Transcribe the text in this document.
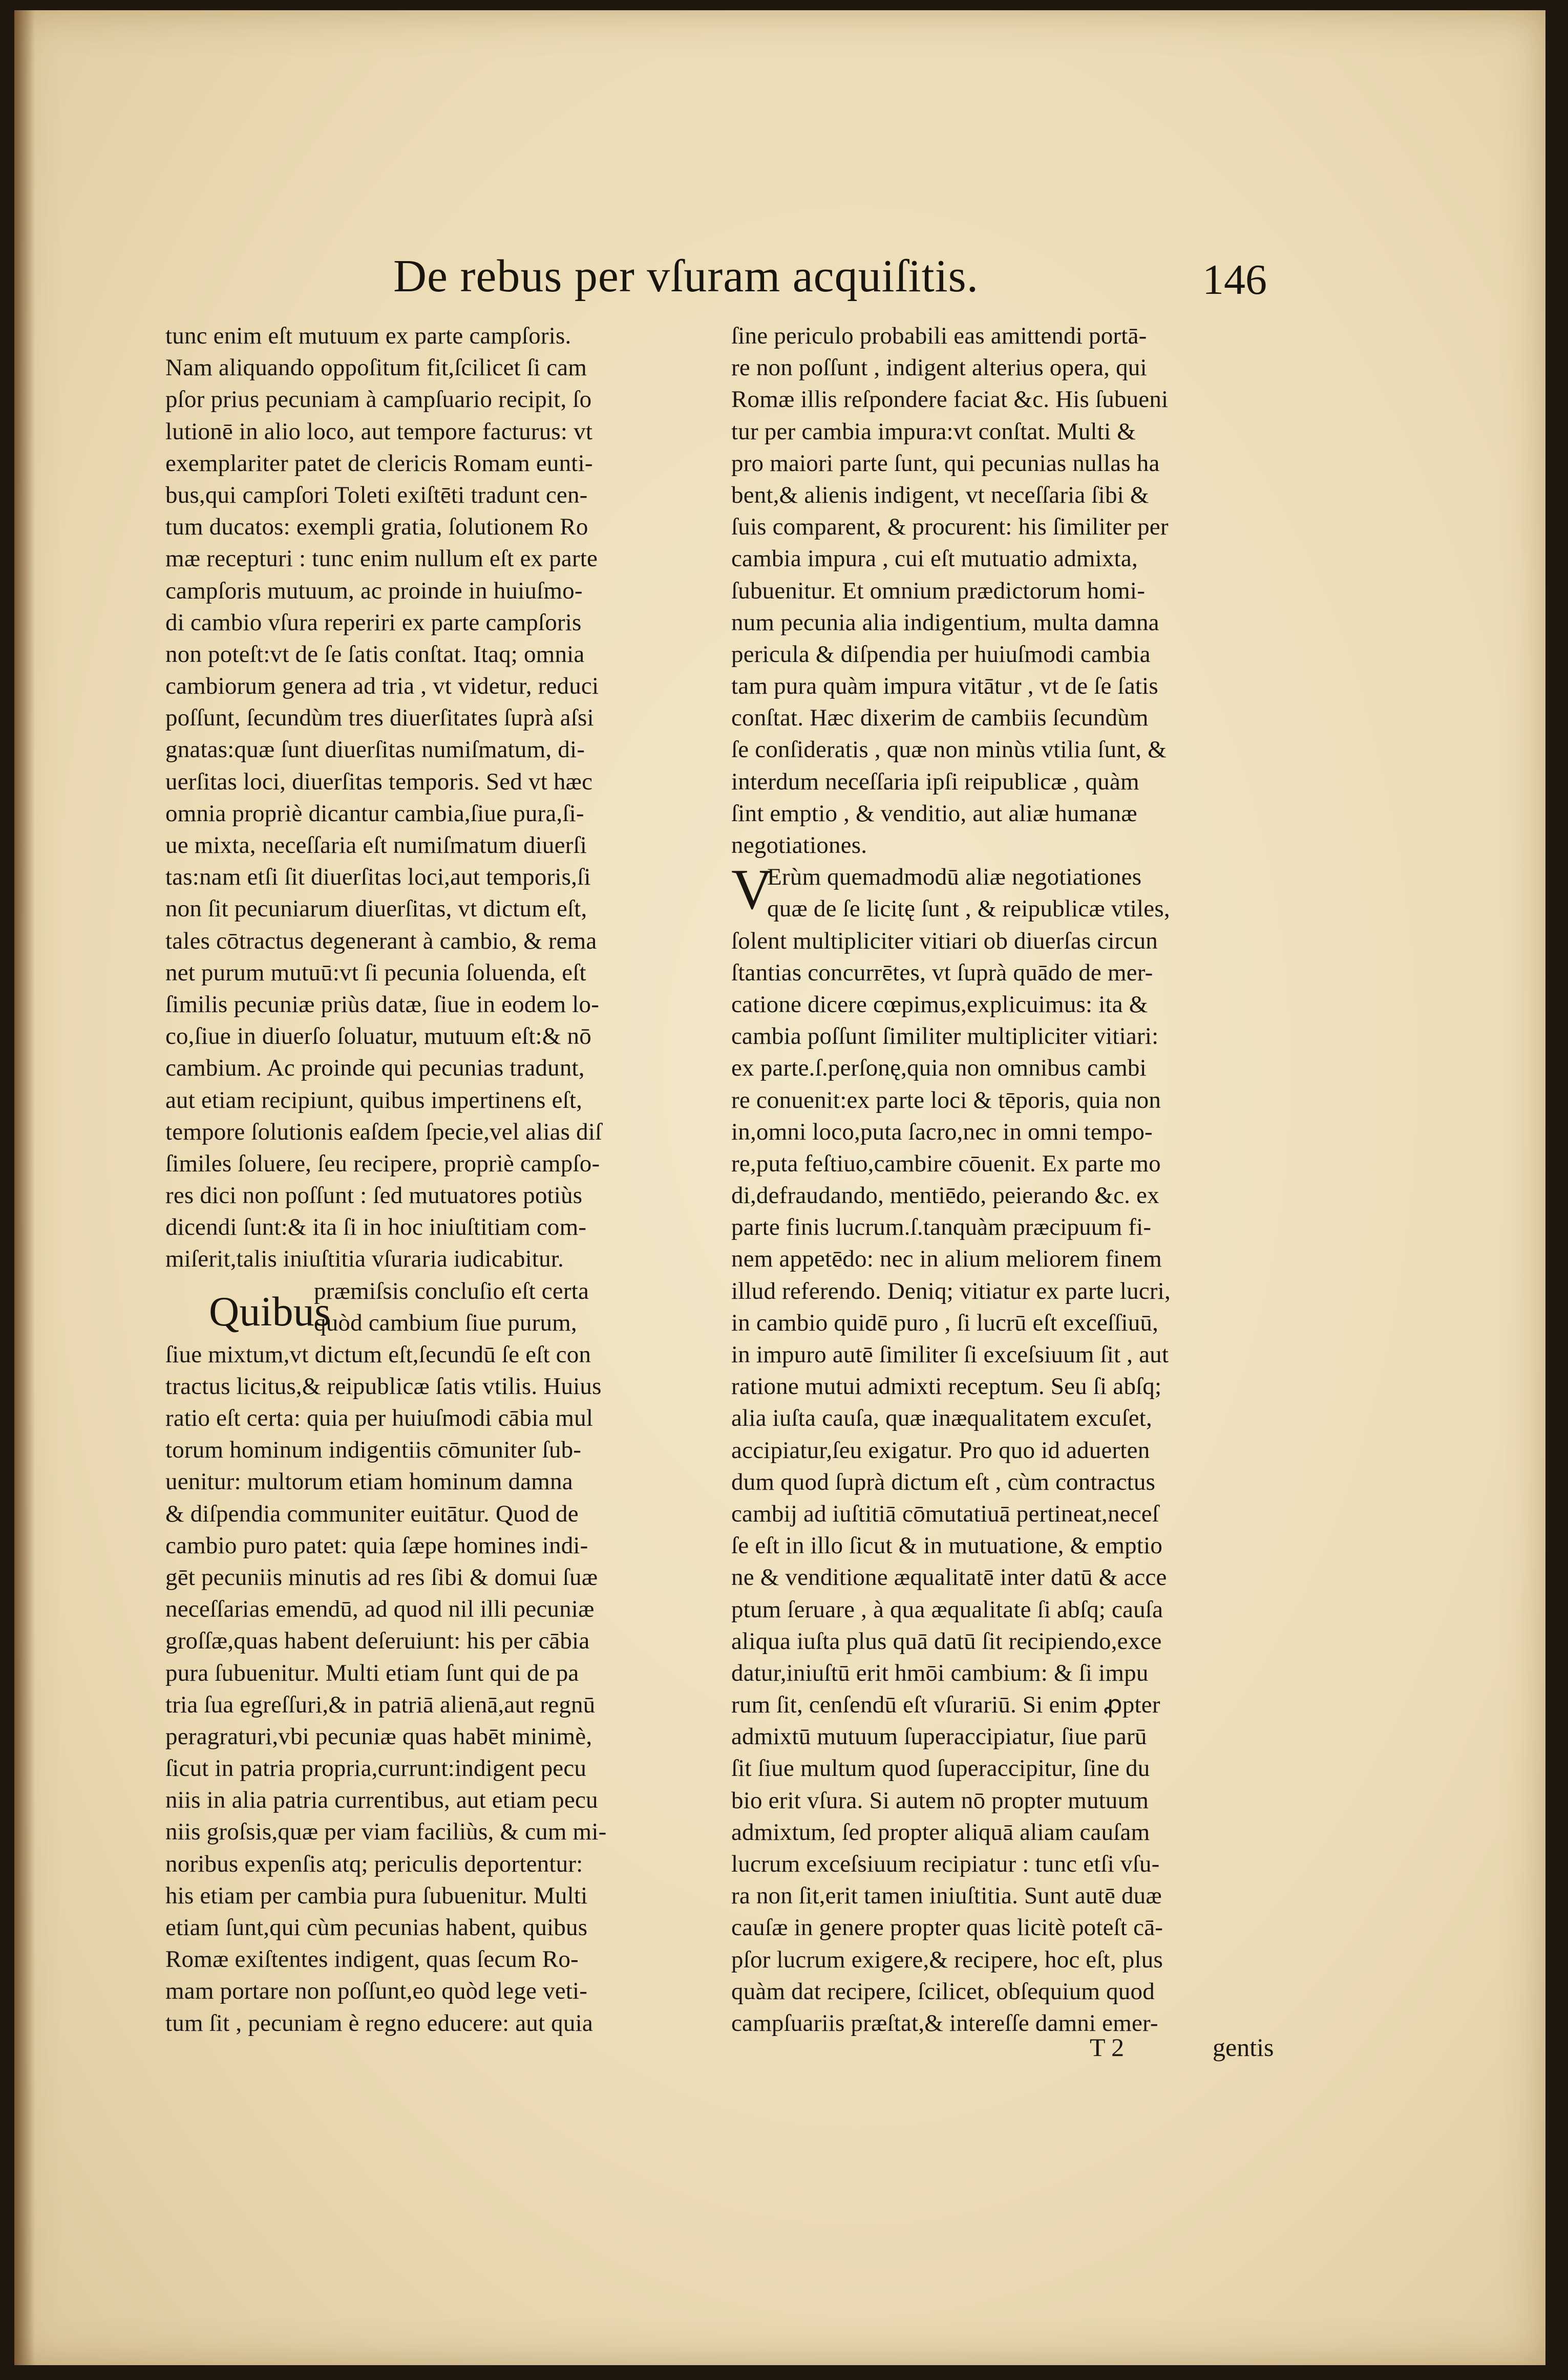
De rebus per vſuram acquiſitis.	146
tunc enim eſt mutuum ex parte campſoris.
Nam aliquando oppoſitum fit,ſcilicet ſi cam
pſor prius pecuniam à campſuario recipit, ſo
lutionē in alio loco, aut tempore facturus: vt
exemplariter patet de clericis Romam eunti-
bus,qui campſori Toleti exiſtēti tradunt cen-
tum ducatos: exempli gratia, ſolutionem Ro
mæ recepturi : tunc enim nullum eſt ex parte
campſoris mutuum, ac proinde in huiuſmo-
di cambio vſura reperiri ex parte campſoris
non poteſt:vt de ſe ſatis conſtat. Itaq; omnia
cambiorum genera ad tria , vt videtur, reduci
poſſunt, ſecundùm tres diuerſitates ſuprà aſsi
gnatas:quæ ſunt diuerſitas numiſmatum, di-
uerſitas loci, diuerſitas temporis. Sed vt hæc
omnia propriè dicantur cambia,ſiue pura,ſi-
ue mixta, neceſſaria eſt numiſmatum diuerſi
tas:nam etſi ſit diuerſitas loci,aut temporis,ſi
non ſit pecuniarum diuerſitas, vt dictum eſt,
tales cōtractus degenerant à cambio, & rema
net purum mutuū:vt ſi pecunia ſoluenda, eſt
ſimilis pecuniæ priùs datæ, ſiue in eodem lo-
co,ſiue in diuerſo ſoluatur, mutuum eſt:& nō
cambium. Ac proinde qui pecunias tradunt,
aut etiam recipiunt, quibus impertinens eſt,
tempore ſolutionis eaſdem ſpecie,vel alias diſ
ſimiles ſoluere, ſeu recipere, propriè campſo-
res dici non poſſunt : ſed mutuatores potiùs
dicendi ſunt:& ita ſi in hoc iniuſtitiam com-
miſerit,talis iniuſtitia vſuraria iudicabitur.
Quibus
præmiſsis concluſio eſt certa
quòd cambium ſiue purum,
ſiue mixtum,vt dictum eſt,ſecundū ſe eſt con
tractus licitus,& reipublicæ ſatis vtilis. Huius
ratio eſt certa: quia per huiuſmodi cābia mul
torum hominum indigentiis cōmuniter ſub-
uenitur: multorum etiam hominum damna
& diſpendia communiter euitātur. Quod de
cambio puro patet: quia ſæpe homines indi-
gēt pecuniis minutis ad res ſibi & domui ſuæ
neceſſarias emendū, ad quod nil illi pecuniæ
groſſæ,quas habent deſeruiunt: his per cābia
pura ſubuenitur. Multi etiam ſunt qui de pa
tria ſua egreſſuri,& in patriā alienā,aut regnū
peragraturi,vbi pecuniæ quas habēt minimè,
ſicut in patria propria,currunt:indigent pecu
niis in alia patria currentibus, aut etiam pecu
niis groſsis,quæ per viam faciliùs, & cum mi-
noribus expenſis atq; periculis deportentur:
his etiam per cambia pura ſubuenitur. Multi
etiam ſunt,qui cùm pecunias habent, quibus
Romæ exiſtentes indigent, quas ſecum Ro-
mam portare non poſſunt,eo quòd lege veti-
tum ſit , pecuniam è regno educere: aut quia
ſine periculo probabili eas amittendi portā-
re non poſſunt , indigent alterius opera, qui
Romæ illis reſpondere faciat &c. His ſubueni
tur per cambia impura:vt conſtat. Multi &
pro maiori parte ſunt, qui pecunias nullas ha
bent,& alienis indigent, vt neceſſaria ſibi &
ſuis comparent, & procurent: his ſimiliter per
cambia impura , cui eſt mutuatio admixta,
ſubuenitur. Et omnium prædictorum homi-
num pecunia alia indigentium, multa damna
pericula & diſpendia per huiuſmodi cambia
tam pura quàm impura vitātur , vt de ſe ſatis
conſtat. Hæc dixerim de cambiis ſecundùm
ſe conſideratis , quæ non minùs vtilia ſunt, &
interdum neceſſaria ipſi reipublicæ , quàm
ſint emptio , & venditio, aut aliæ humanæ
negotiationes.
V
Erùm quemadmodū aliæ negotiationes
quæ de ſe licitę ſunt , & reipublicæ vtiles,
ſolent multipliciter vitiari ob diuerſas circun
ſtantias concurrētes, vt ſuprà quādo de mer-
catione dicere cœpimus,explicuimus: ita &
cambia poſſunt ſimiliter multipliciter vitiari:
ex parte.ſ.perſonę,quia non omnibus cambi
re conuenit:ex parte loci & tēporis, quia non
in,omni loco,puta ſacro,nec in omni tempo-
re,puta feſtiuo,cambire cōuenit. Ex parte mo
di,defraudando, mentiēdo, peierando &c. ex
parte finis lucrum.ſ.tanquàm præcipuum fi-
nem appetēdo: nec in alium meliorem finem
illud referendo. Deniq; vitiatur ex parte lucri,
in cambio quidē puro , ſi lucrū eſt exceſſiuū,
in impuro autē ſimiliter ſi exceſsiuum ſit , aut
ratione mutui admixti receptum. Seu ſi abſq;
alia iuſta cauſa, quæ inæqualitatem excuſet,
accipiatur,ſeu exigatur. Pro quo id aduerten
dum quod ſuprà dictum eſt , cùm contractus
cambij ad iuſtitiā cōmutatiuā pertineat,neceſ
ſe eſt in illo ſicut & in mutuatione, & emptio
ne & venditione æqualitatē inter datū & acce
ptum ſeruare , à qua æqualitate ſi abſq; cauſa
aliqua iuſta plus quā datū ſit recipiendo,exce
datur,iniuſtū erit hmōi cambium: & ſi impu
rum ſit, cenſendū eſt vſurariū. Si enim ꝓpter
admixtū mutuum ſuperaccipiatur, ſiue parū
ſit ſiue multum quod ſuperaccipitur, ſine du
bio erit vſura. Si autem nō propter mutuum
admixtum, ſed propter aliquā aliam cauſam
lucrum exceſsiuum recipiatur : tunc etſi vſu-
ra non ſit,erit tamen iniuſtitia. Sunt autē duæ
cauſæ in genere propter quas licitè poteſt cā-
pſor lucrum exigere,& recipere, hoc eſt, plus
quàm dat recipere, ſcilicet, obſequium quod
campſuariis præſtat,& intereſſe damni emer-
T 2	gentis
